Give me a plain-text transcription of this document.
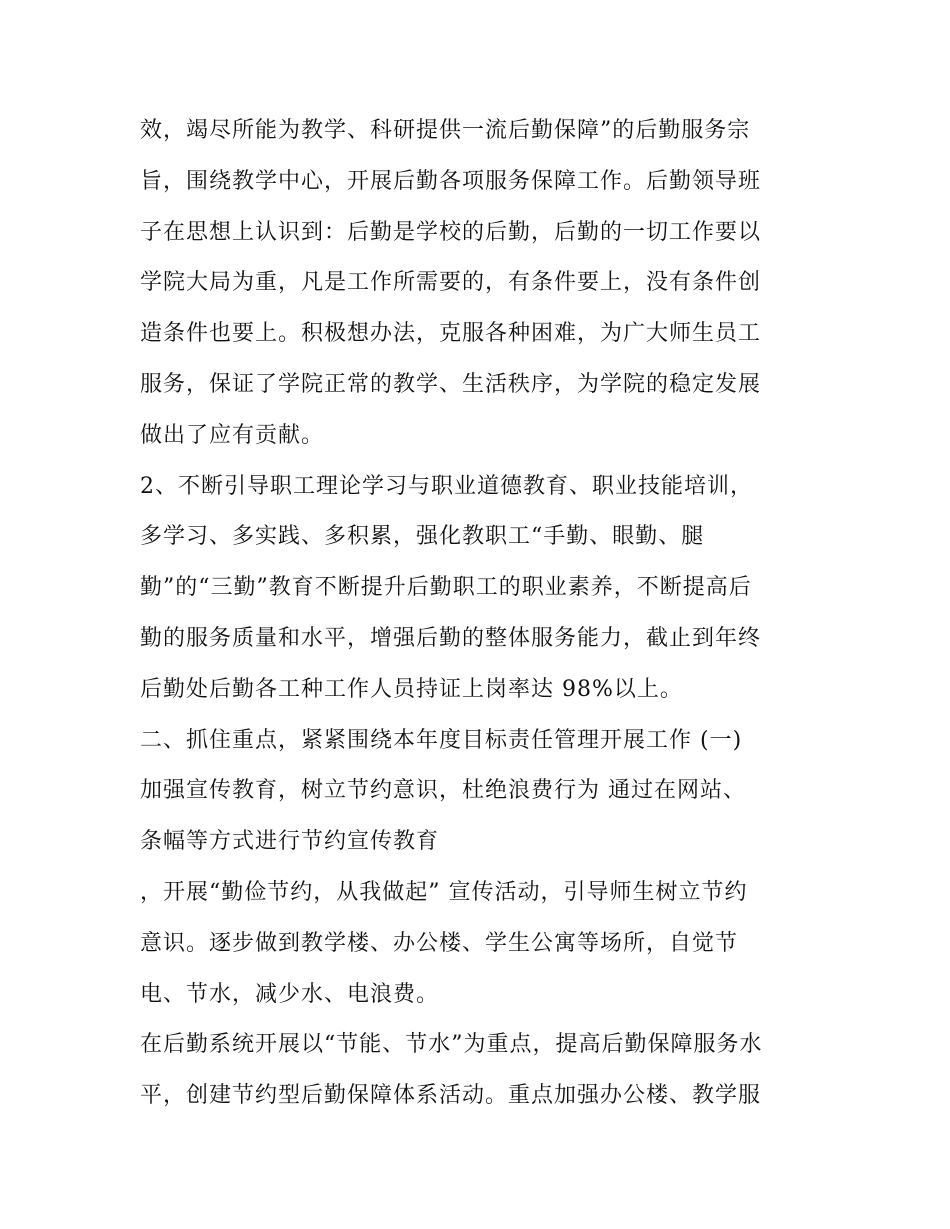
效，竭尽所能为教学、科研提供一流后勤保障”的后勤服务宗
旨，围绕教学中心，开展后勤各项服务保障工作。后勤领导班
子在思想上认识到：后勤是学校的后勤，后勤的一切工作要以
学院大局为重，凡是工作所需要的，有条件要上，没有条件创
造条件也要上。积极想办法，克服各种困难，为广大师生员工
服务，保证了学院正常的教学、生活秩序，为学院的稳定发展
做出了应有贡献。
2、不断引导职工理论学习与职业道德教育、职业技能培训，
多学习、多实践、多积累，强化教职工“手勤、眼勤、腿
勤”的“三勤”教育不断提升后勤职工的职业素养，不断提高后
勤的服务质量和水平，增强后勤的整体服务能力，截止到年终
后勤处后勤各工种工作人员持证上岗率达 98%以上。
二、抓住重点，紧紧围绕本年度目标责任管理开展工作 (一)
加强宣传教育，树立节约意识，杜绝浪费行为 通过在网站、
条幅等方式进行节约宣传教育
，开展“勤俭节约，从我做起” 宣传活动，引导师生树立节约
意识。逐步做到教学楼、办公楼、学生公寓等场所，自觉节
电、节水，减少水、电浪费。
在后勤系统开展以“节能、节水”为重点，提高后勤保障服务水
平，创建节约型后勤保障体系活动。重点加强办公楼、教学服
